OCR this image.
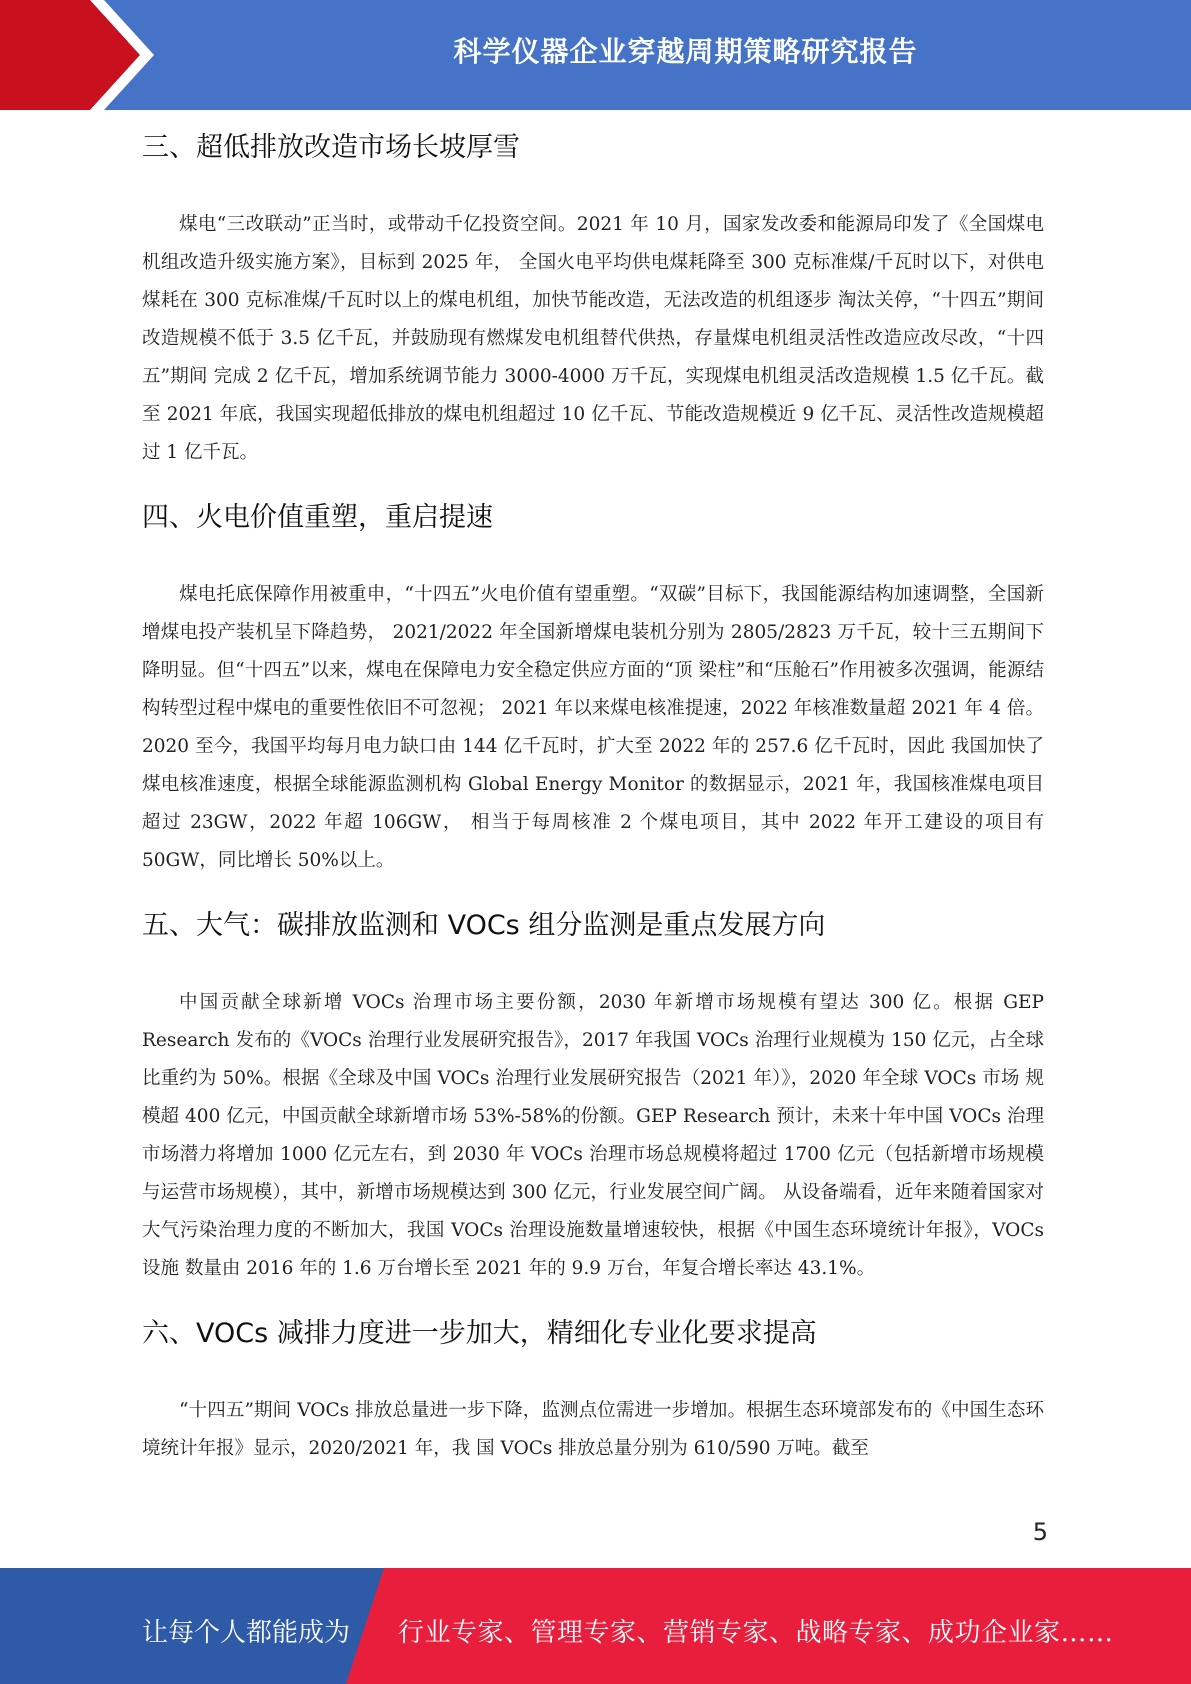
科学仪器企业穿越周期策略研究报告
三、超低排放改造市场长坡厚雪

煤电“三改联动”正当时，或带动千亿投资空间。2021 年 10 月，国家发改委和能源局印发了《全国煤电机组改造升级实施方案》，目标到 2025 年， 全国火电平均供电煤耗降至 300 克标准煤/千瓦时以下，对供电煤耗在 300 克标准煤/千瓦时以上的煤电机组，加快节能改造，无法改造的机组逐步 淘汰关停，“十四五”期间改造规模不低于 3.5 亿千瓦，并鼓励现有燃煤发电机组替代供热，存量煤电机组灵活性改造应改尽改，“十四五”期间 完成 2 亿千瓦，增加系统调节能力 3000-4000 万千瓦，实现煤电机组灵活改造规模 1.5 亿千瓦。截至 2021 年底，我国实现超低排放的煤电机组超过 10 亿千瓦、节能改造规模近 9 亿千瓦、灵活性改造规模超过 1 亿千瓦。

四、火电价值重塑，重启提速

煤电托底保障作用被重申，“十四五”火电价值有望重塑。“双碳”目标下，我国能源结构加速调整，全国新增煤电投产装机呈下降趋势， 2021/2022 年全国新增煤电装机分别为 2805/2823 万千瓦，较十三五期间下降明显。但“十四五”以来，煤电在保障电力安全稳定供应方面的“顶 梁柱”和“压舱石”作用被多次强调，能源结构转型过程中煤电的重要性依旧不可忽视； 2021 年以来煤电核准提速，2022 年核准数量超 2021 年 4 倍。2020 至今，我国平均每月电力缺口由 144 亿千瓦时，扩大至 2022 年的 257.6 亿千瓦时，因此 我国加快了煤电核准速度，根据全球能源监测机构 Global Energy Monitor 的数据显示，2021 年，我国核准煤电项目超过 23GW，2022 年超 106GW， 相当于每周核准 2 个煤电项目，其中 2022 年开工建设的项目有 50GW，同比增长 50%以上。

五、大气：碳排放监测和 VOCs 组分监测是重点发展方向

中国贡献全球新增 VOCs 治理市场主要份额，2030 年新增市场规模有望达 300 亿。根据 GEP Research 发布的《VOCs 治理行业发展研究报告》，2017 年我国 VOCs 治理行业规模为 150 亿元，占全球比重约为 50%。根据《全球及中国 VOCs 治理行业发展研究报告（2021 年）》，2020 年全球 VOCs 市场 规模超 400 亿元，中国贡献全球新增市场 53%-58%的份额。GEP Research 预计，未来十年中国 VOCs 治理市场潜力将增加 1000 亿元左右，到 2030 年 VOCs 治理市场总规模将超过 1700 亿元（包括新增市场规模与运营市场规模），其中，新增市场规模达到 300 亿元，行业发展空间广阔。 从设备端看，近年来随着国家对大气污染治理力度的不断加大，我国 VOCs 治理设施数量增速较快，根据《中国生态环境统计年报》，VOCs 设施 数量由 2016 年的 1.6 万台增长至 2021 年的 9.9 万台，年复合增长率达 43.1%。

六、VOCs 减排力度进一步加大，精细化专业化要求提高

“十四五”期间 VOCs 排放总量进一步下降，监测点位需进一步增加。根据生态环境部发布的《中国生态环境统计年报》显示，2020/2021 年，我 国 VOCs 排放总量分别为 610/590 万吨。截至

5
让每个人都能成为 行业专家、管理专家、营销专家、战略专家、成功企业家……
